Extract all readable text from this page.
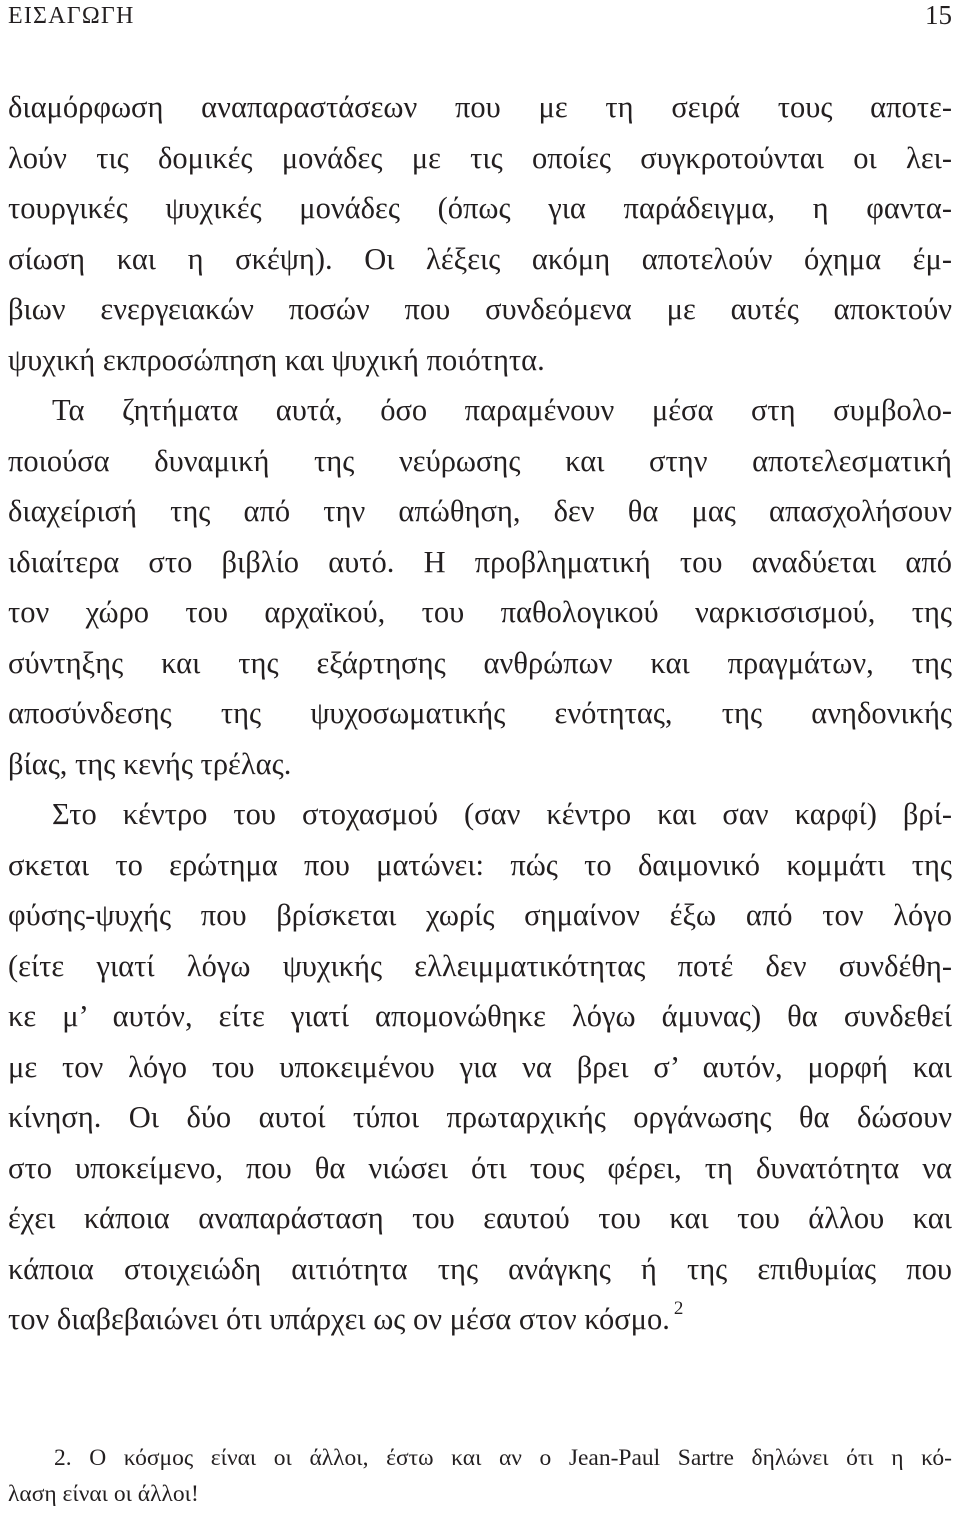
ΕΙΣΑΓΩΓΗ	15
διαμόρφωση αναπαραστάσεων που με τη σειρά τους αποτε-
λούν τις δομικές μονάδες με τις οποίες συγκροτούνται οι λει-
τουργικές ψυχικές μονάδες (όπως για παράδειγμα, η φαντα-
σίωση και η σκέψη). Οι λέξεις ακόμη αποτελούν όχημα έμ-
βιων ενεργειακών ποσών που συνδεόμενα με αυτές αποκτούν
ψυχική εκπροσώπηση και ψυχική ποιότητα.
Τα ζητήματα αυτά, όσο παραμένουν μέσα στη συμβολο-
ποιούσα δυναμική της νεύρωσης και στην αποτελεσματική
διαχείρισή της από την απώθηση, δεν θα μας απασχολήσουν
ιδιαίτερα στο βιβλίο αυτό. Η προβληματική του αναδύεται από
τον χώρο του αρχαϊκού, του παθολογικού ναρκισσισμού, της
σύντηξης και της εξάρτησης ανθρώπων και πραγμάτων, της
αποσύνδεσης της ψυχοσωματικής ενότητας, της ανηδονικής
βίας, της κενής τρέλας.
Στο κέντρο του στοχασμού (σαν κέντρο και σαν καρφί) βρί-
σκεται το ερώτημα που ματώνει: πώς το δαιμονικό κομμάτι της
φύσης-ψυχής που βρίσκεται χωρίς σημαίνον έξω από τον λόγο
(είτε γιατί λόγω ψυχικής ελλειμματικότητας ποτέ δεν συνδέθη-
κε μ’ αυτόν, είτε γιατί απομονώθηκε λόγω άμυνας) θα συνδεθεί
με τον λόγο του υποκειμένου για να βρει σ’ αυτόν, μορφή και
κίνηση. Οι δύο αυτοί τύποι πρωταρχικής οργάνωσης θα δώσουν
στο υποκείμενο, που θα νιώσει ότι τους φέρει, τη δυνατότητα να
έχει κάποια αναπαράσταση του εαυτού του και του άλλου και
κάποια στοιχειώδη αιτιότητα της ανάγκης ή της επιθυμίας που
τον διαβεβαιώνει ότι υπάρχει ως ον μέσα στον κόσμο. $^2$
2. Ο κόσμος είναι οι άλλοι, έστω και αν ο Jean-Paul Sartre δηλώνει ότι η κό-
λαση είναι οι άλλοι!
